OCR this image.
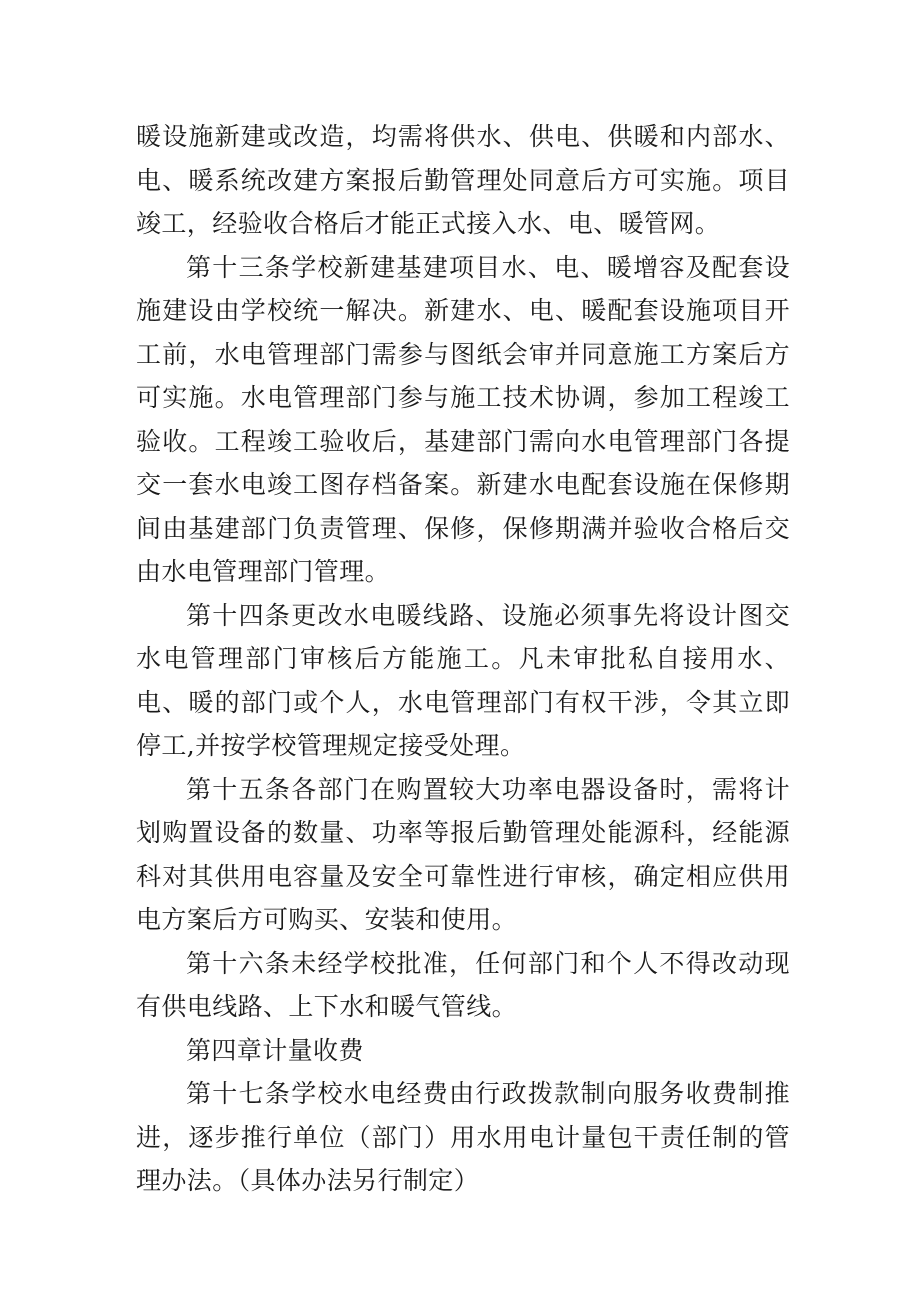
暖设施新建或改造，均需将供水、供电、供暖和内部水、电、暖系统改建方案报后勤管理处同意后方可实施。项目竣工，经验收合格后才能正式接入水、电、暖管网。

第十三条学校新建基建项目水、电、暖增容及配套设施建设由学校统一解决。新建水、电、暖配套设施项目开工前，水电管理部门需参与图纸会审并同意施工方案后方可实施。水电管理部门参与施工技术协调，参加工程竣工验收。工程竣工验收后，基建部门需向水电管理部门各提交一套水电竣工图存档备案。新建水电配套设施在保修期间由基建部门负责管理、保修，保修期满并验收合格后交由水电管理部门管理。

第十四条更改水电暖线路、设施必须事先将设计图交水电管理部门审核后方能施工。凡未审批私自接用水、电、暖的部门或个人，水电管理部门有权干涉，令其立即停工,并按学校管理规定接受处理。

第十五条各部门在购置较大功率电器设备时，需将计划购置设备的数量、功率等报后勤管理处能源科，经能源科对其供用电容量及安全可靠性进行审核，确定相应供用电方案后方可购买、安装和使用。

第十六条未经学校批准，任何部门和个人不得改动现有供电线路、上下水和暖气管线。

第四章计量收费

第十七条学校水电经费由行政拨款制向服务收费制推进，逐步推行单位（部门）用水用电计量包干责任制的管理办法。（具体办法另行制定）
